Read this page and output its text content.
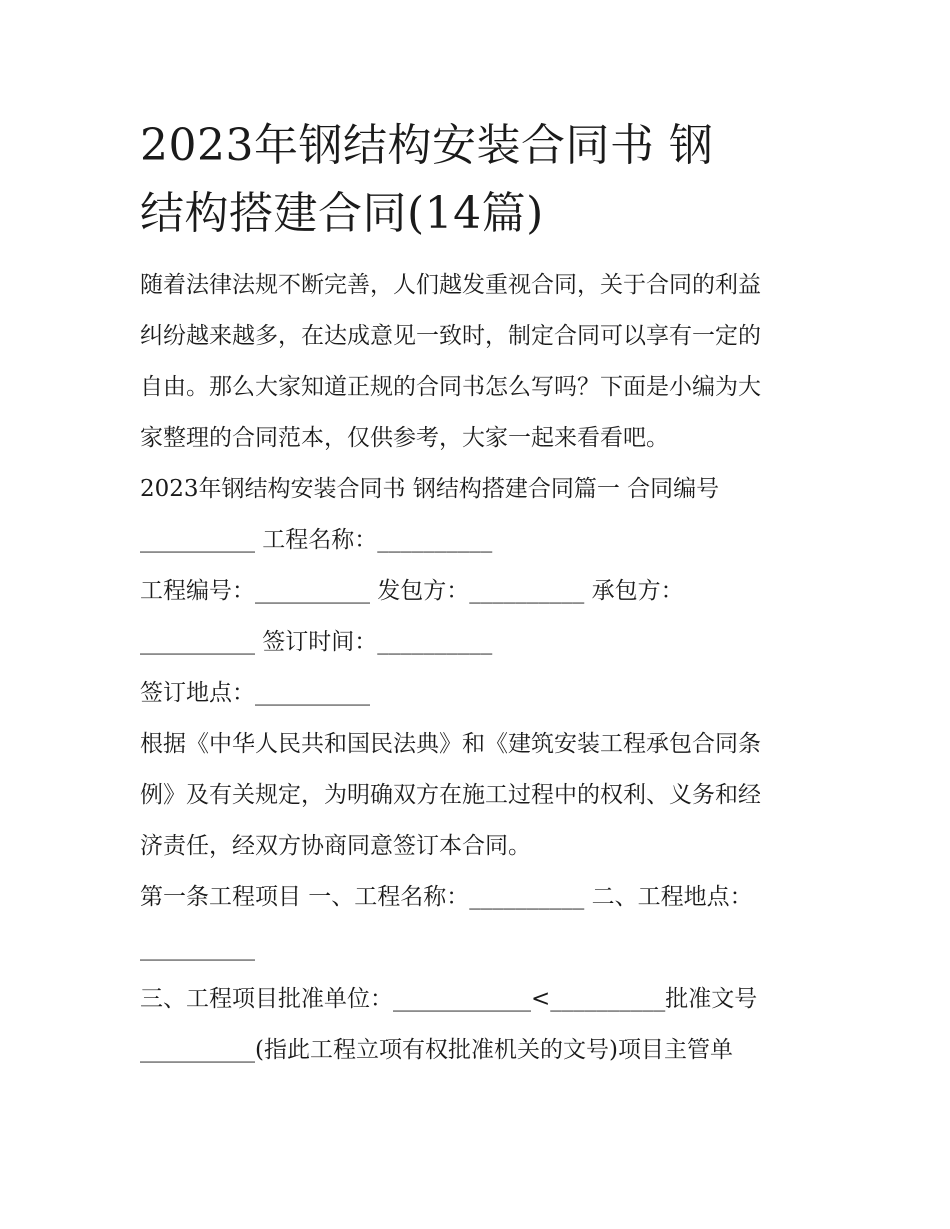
2023年钢结构安装合同书 钢
结构搭建合同(14篇)

随着法律法规不断完善，人们越发重视合同，关于合同的利益

纠纷越来越多，在达成意见一致时，制定合同可以享有一定的

自由。那么大家知道正规的合同书怎么写吗？下面是小编为大

家整理的合同范本，仅供参考，大家一起来看看吧。

2023年钢结构安装合同书 钢结构搭建合同篇一 合同编号

__________ 工程名称：__________

工程编号：__________ 发包方：__________ 承包方：

__________ 签订时间：__________

签订地点：__________

根据《中华人民共和国民法典》和《建筑安装工程承包合同条

例》及有关规定，为明确双方在施工过程中的权利、义务和经

济责任，经双方协商同意签订本合同。

第一条工程项目 一、工程名称：__________ 二、工程地点：

__________

三、工程项目批准单位：____________<__________批准文号

__________(指此工程立项有权批准机关的文号)项目主管单
